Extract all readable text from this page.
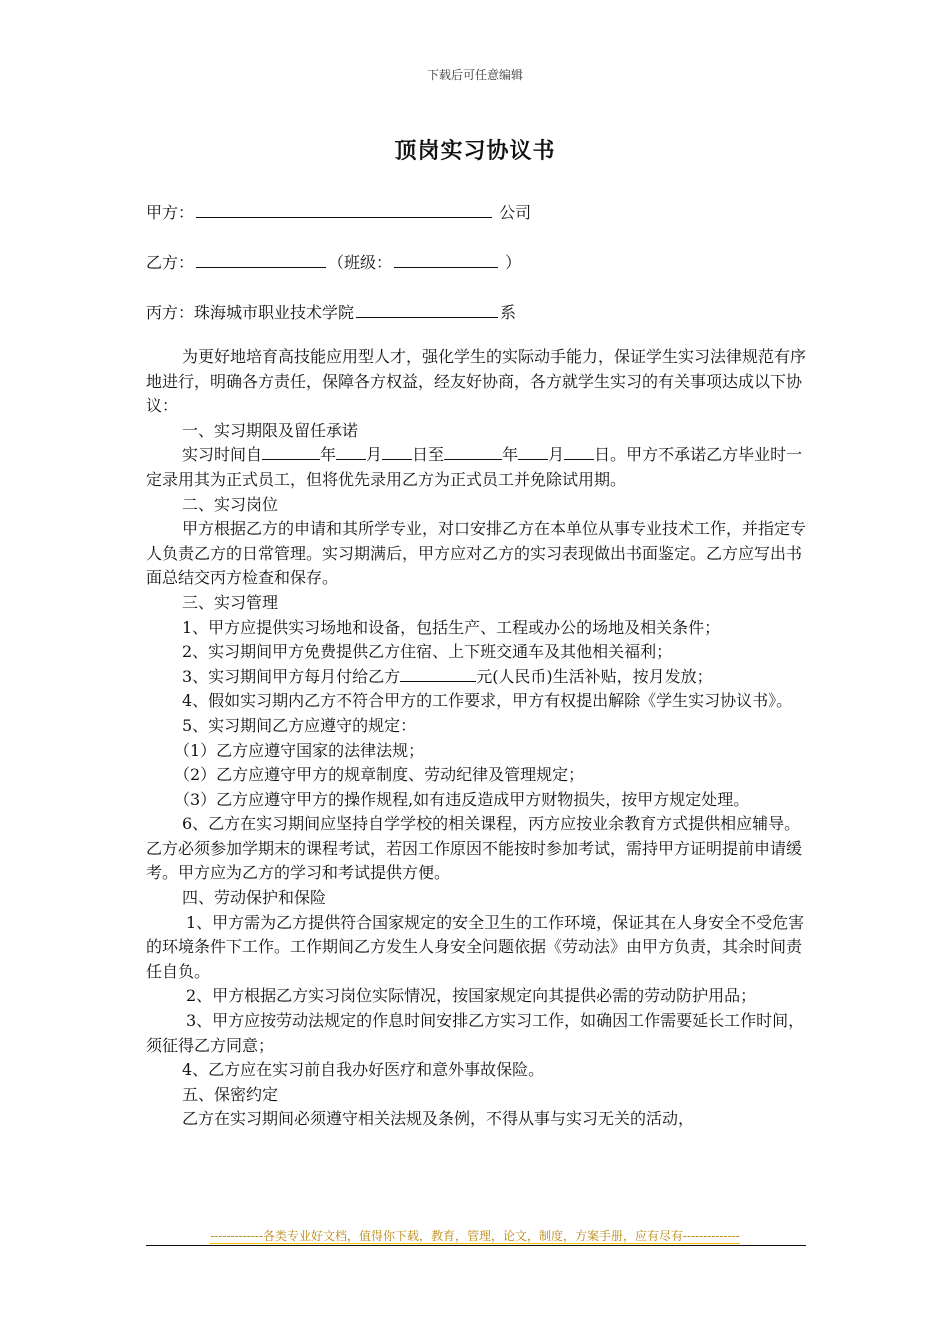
下载后可任意编辑
顶岗实习协议书
甲方：	公司
乙方：	（班级：	）
丙方：珠海城市职业技术学院	系

为更好地培育高技能应用型人才，强化学生的实际动手能力，保证学生实习法律规范有序地进行，明确各方责任，保障各方权益，经友好协商，各方就学生实习的有关事项达成以下协议：

一、实习期限及留任承诺

实习时间自	年 月 日至	年 月 日。甲方不承诺乙方毕业时一定录用其为正式员工，但将优先录用乙方为正式员工并免除试用期。

二、实习岗位

甲方根据乙方的申请和其所学专业，对口安排乙方在本单位从事专业技术工作，并指定专人负责乙方的日常管理。实习期满后，甲方应对乙方的实习表现做出书面鉴定。乙方应写出书面总结交丙方检查和保存。

三、实习管理

1、甲方应提供实习场地和设备，包括生产、工程或办公的场地及相关条件；

2、实习期间甲方免费提供乙方住宿、上下班交通车及其他相关福利；

3、实习期间甲方每月付给乙方	元(人民币)生活补贴，按月发放；

4、假如实习期内乙方不符合甲方的工作要求，甲方有权提出解除《学生实习协议书》。

5、实习期间乙方应遵守的规定：

（1）乙方应遵守国家的法律法规；

（2）乙方应遵守甲方的规章制度、劳动纪律及管理规定；

（3）乙方应遵守甲方的操作规程,如有违反造成甲方财物损失，按甲方规定处理。

6、乙方在实习期间应坚持自学学校的相关课程，丙方应按业余教育方式提供相应辅导。乙方必须参加学期末的课程考试，若因工作原因不能按时参加考试，需持甲方证明提前申请缓考。甲方应为乙方的学习和考试提供方便。

四、劳动保护和保险

1、甲方需为乙方提供符合国家规定的安全卫生的工作环境，保证其在人身安全不受危害的环境条件下工作。工作期间乙方发生人身安全问题依据《劳动法》由甲方负责，其余时间责任自负。

2、甲方根据乙方实习岗位实际情况，按国家规定向其提供必需的劳动防护用品；

3、甲方应按劳动法规定的作息时间安排乙方实习工作，如确因工作需要延长工作时间，须征得乙方同意；

4、乙方应在实习前自我办好医疗和意外事故保险。

五、保密约定

乙方在实习期间必须遵守相关法规及条例，不得从事与实习无关的活动，

-------------各类专业好文档，值得你下载，教育，管理，论文，制度，方案手册，应有尽有--------------
